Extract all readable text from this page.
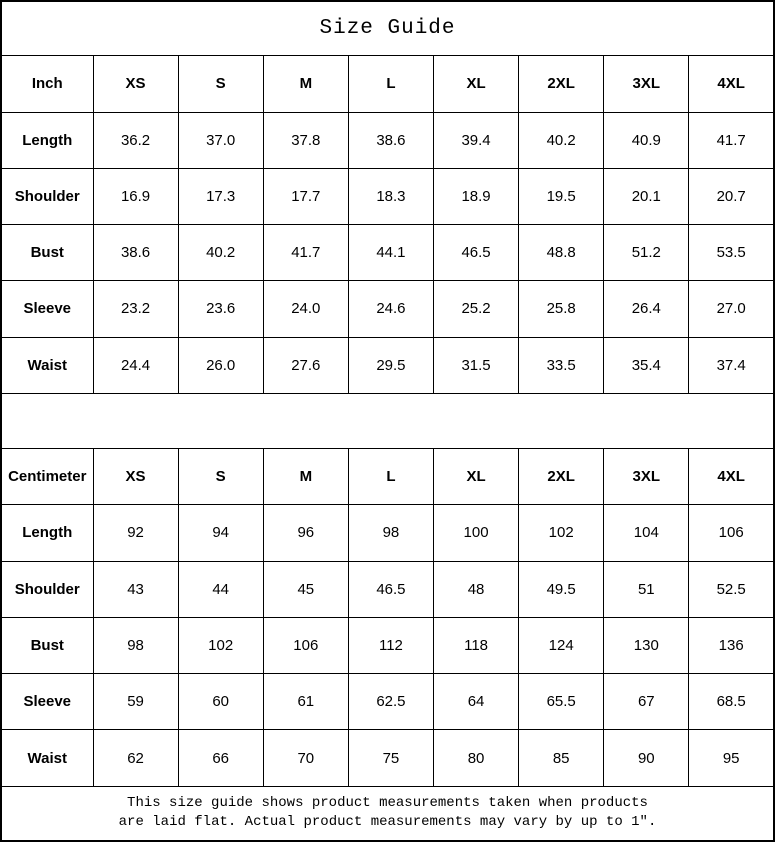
Size Guide								
Inch	XS	S	M	L	XL	2XL	3XL	4XL
Length	36.2	37.0	37.8	38.6	39.4	40.2	40.9	41.7
Shoulder	16.9	17.3	17.7	18.3	18.9	19.5	20.1	20.7
Bust	38.6	40.2	41.7	44.1	46.5	48.8	51.2	53.5
Sleeve	23.2	23.6	24.0	24.6	25.2	25.8	26.4	27.0
Waist	24.4	26.0	27.6	29.5	31.5	33.5	35.4	37.4

Centimeter	XS	S	M	L	XL	2XL	3XL	4XL
Length	92	94	96	98	100	102	104	106
Shoulder	43	44	45	46.5	48	49.5	51	52.5
Bust	98	102	106	112	118	124	130	136
Sleeve	59	60	61	62.5	64	65.5	67	68.5
Waist	62	66	70	75	80	85	90	95

This size guide shows product measurements taken when products
are laid flat. Actual product measurements may vary by up to 1″.								
